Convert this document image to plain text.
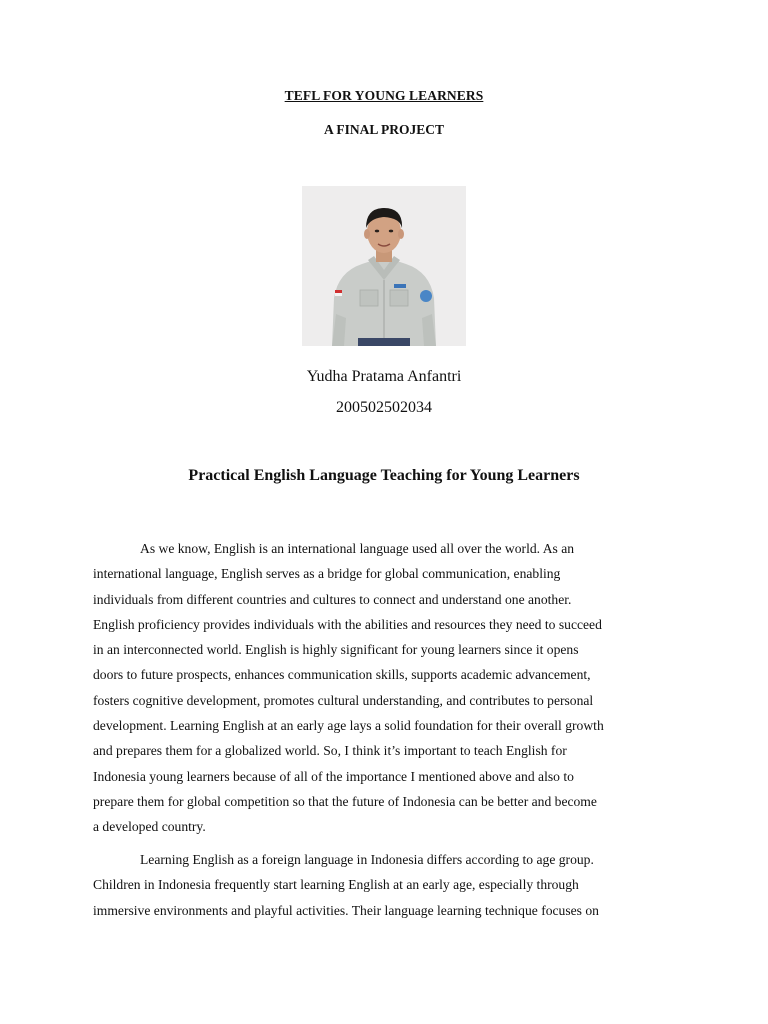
TEFL FOR YOUNG LEARNERS
A FINAL PROJECT
Yudha Pratama Anfantri
200502502034
Practical English Language Teaching for Young Learners
As we know, English is an international language used all over the world. As an
international language, English serves as a bridge for global communication, enabling
individuals from different countries and cultures to connect and understand one another.
English proficiency provides individuals with the abilities and resources they need to succeed
in an interconnected world. English is highly significant for young learners since it opens
doors to future prospects, enhances communication skills, supports academic advancement,
fosters cognitive development, promotes cultural understanding, and contributes to personal
development. Learning English at an early age lays a solid foundation for their overall growth
and prepares them for a globalized world. So, I think it’s important to teach English for
Indonesia young learners because of all of the importance I mentioned above and also to
prepare them for global competition so that the future of Indonesia can be better and become
a developed country.
Learning English as a foreign language in Indonesia differs according to age group.
Children in Indonesia frequently start learning English at an early age, especially through
immersive environments and playful activities. Their language learning technique focuses on
